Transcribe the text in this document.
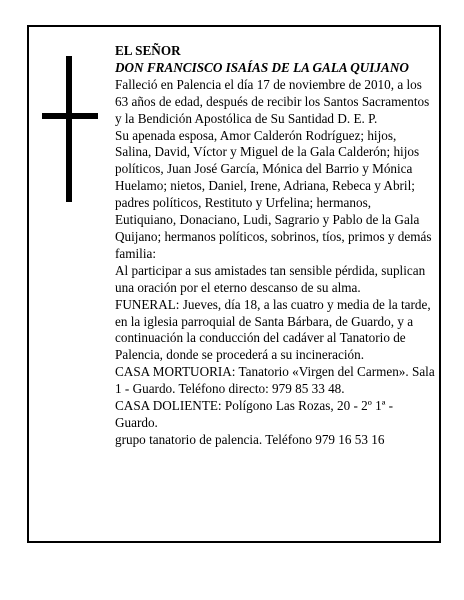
EL SEÑOR

DON FRANCISCO ISAÍAS DE LA GALA QUIJANO

Falleció en Palencia el día 17 de noviembre de 2010, a los 63 años de edad, después de recibir los Santos Sacramentos y la Bendición Apostólica de Su Santidad D. E. P.

Su apenada esposa, Amor Calderón Rodríguez; hijos, Salina, David, Víctor y Miguel de la Gala Calderón; hijos políticos, Juan José García, Mónica del Barrio y Mónica Huelamo; nietos, Daniel, Irene, Adriana, Rebeca y Abril; padres políticos, Restituto y Urfelina; hermanos, Eutiquiano, Donaciano, Ludi, Sagrario y Pablo de la Gala Quijano; hermanos políticos, sobrinos, tíos, primos y demás familia:

Al participar a sus amistades tan sensible pérdida, suplican una oración por el eterno descanso de su alma.

FUNERAL: Jueves, día 18, a las cuatro y media de la tarde, en la iglesia parroquial de Santa Bárbara, de Guardo, y a continuación la conducción del cadáver al Tanatorio de Palencia, donde se procederá a su incineración.

CASA MORTUORIA: Tanatorio «Virgen del Carmen». Sala 1 - Guardo. Teléfono directo: 979 85 33 48.

CASA DOLIENTE: Polígono Las Rozas, 20 - 2º 1ª - Guardo.

grupo tanatorio de palencia. Teléfono 979 16 53 16
